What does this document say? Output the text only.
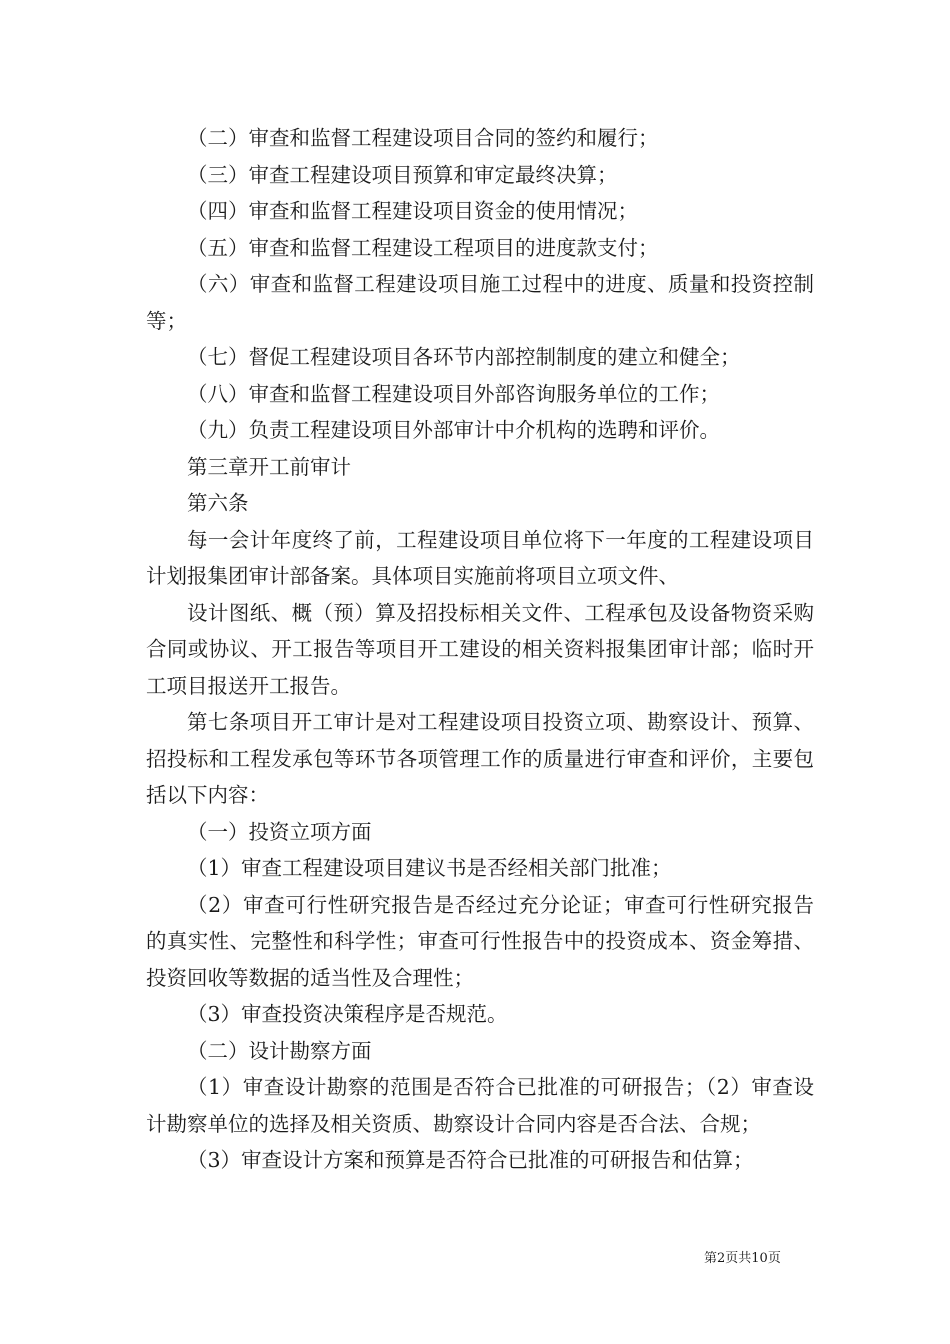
（二）审查和监督工程建设项目合同的签约和履行；

（三）审查工程建设项目预算和审定最终决算；

（四）审查和监督工程建设项目资金的使用情况；

（五）审查和监督工程建设工程项目的进度款支付；

（六）审查和监督工程建设项目施工过程中的进度、质量和投资控制等；

（七）督促工程建设项目各环节内部控制制度的建立和健全；

（八）审查和监督工程建设项目外部咨询服务单位的工作；

（九）负责工程建设项目外部审计中介机构的选聘和评价。

第三章开工前审计

第六条

每一会计年度终了前，工程建设项目单位将下一年度的工程建设项目计划报集团审计部备案。具体项目实施前将项目立项文件、

设计图纸、概（预）算及招投标相关文件、工程承包及设备物资采购合同或协议、开工报告等项目开工建设的相关资料报集团审计部；临时开工项目报送开工报告。

第七条项目开工审计是对工程建设项目投资立项、勘察设计、预算、招投标和工程发承包等环节各项管理工作的质量进行审查和评价，主要包括以下内容：

（一）投资立项方面

（1）审查工程建设项目建议书是否经相关部门批准；

（2）审查可行性研究报告是否经过充分论证；审查可行性研究报告的真实性、完整性和科学性；审查可行性报告中的投资成本、资金筹措、投资回收等数据的适当性及合理性；

（3）审查投资决策程序是否规范。

（二）设计勘察方面

（1）审查设计勘察的范围是否符合已批准的可研报告；（2）审查设计勘察单位的选择及相关资质、勘察设计合同内容是否合法、合规；

（3）审查设计方案和预算是否符合已批准的可研报告和估算；

第2页共10页
